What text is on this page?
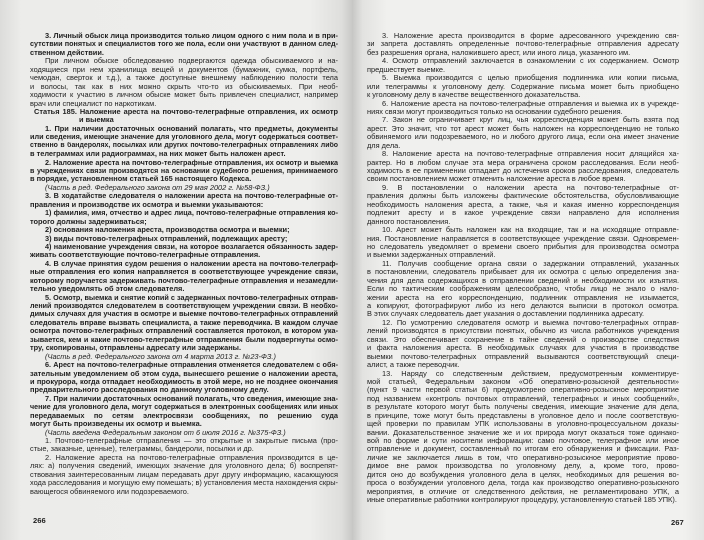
3. Личный обыск лица производится только лицом одного с ним пола и в при-
сутствии понятых и специалистов того же пола, если они участвуют в данном след-
ственном действии.
При личном обыске обследованию подвергаются одежда обыскиваемого и на-
ходящиеся при нем хранилища вещей и документов (бумажник, сумка, портфель,
чемодан, сверток и т.д.), а также доступные внешнему наблюдению полости тела
и волосы, так как в них можно скрыть что-то из обыскиваемых. При необ-
ходимости к участию в личном обыске может быть привлечен специалист, например
врач или специалист по наркотикам.
Статья 185. Наложение ареста на почтово-телеграфные отправления, их осмотр
и выемка
1. При наличии достаточных оснований полагать, что предметы, документы
или сведения, имеющие значение для уголовного дела, могут содержаться соответ-
ственно в бандеролях, посылках или других почтово-телеграфных отправлениях либо
в телеграммах или радиограммах, на них может быть наложен арест.
2. Наложение ареста на почтово-телеграфные отправления, их осмотр и выемка
в учреждениях связи производятся на основании судебного решения, принимаемого
в порядке, установленном статьей 165 настоящего Кодекса.
(Часть в ред. Федерального закона от 29 мая 2002 г. №58-ФЗ.)
3. В ходатайстве следователя о наложении ареста на почтово-телеграфные от-
правления и производстве их осмотра и выемки указываются:
1) фамилия, имя, отчество и адрес лица, почтово-телеграфные отправления ко-
торого должны задерживаться;
2) основания наложения ареста, производства осмотра и выемки;
3) виды почтово-телеграфных отправлений, подлежащих аресту;
4) наименование учреждения связи, на которое возлагается обязанность задер-
живать соответствующие почтово-телеграфные отправления.
4. В случае принятия судом решения о наложении ареста на почтово-телеграф-
ные отправления его копия направляется в соответствующее учреждение связи,
которому поручается задерживать почтово-телеграфные отправления и незамедли-
тельно уведомлять об этом следователя.
5. Осмотр, выемка и снятие копий с задержанных почтово-телеграфных отправ-
лений производятся следователем в соответствующем учреждении связи. В необхо-
димых случаях для участия в осмотре и выемке почтово-телеграфных отправлений
следователь вправе вызвать специалиста, а также переводчика. В каждом случае
осмотра почтово-телеграфных отправлений составляется протокол, в котором ука-
зывается, кем и какие почтово-телеграфные отправления были подвергнуты осмо-
тру, скопированы, отправлены адресату или задержаны.
(Часть в ред. Федерального закона от 4 марта 2013 г. №23-ФЗ.)
6. Арест на почтово-телеграфные отправления отменяется следователем с обя-
зательным уведомлением об этом суда, вынесшего решение о наложении ареста,
и прокурора, когда отпадает необходимость в этой мере, но не позднее окончания
предварительного расследования по данному уголовному делу.
7. При наличии достаточных оснований полагать, что сведения, имеющие зна-
чение для уголовного дела, могут содержаться в электронных сообщениях или иных
передаваемых по сетям электросвязи сообщениях, по решению суда
могут быть произведены их осмотр и выемка.
(Часть введена Федеральным законом от 6 июля 2016 г. №375-ФЗ.)
1. Почтово-телеграфные отправления — это открытые и закрытые письма (про-
стые, заказные, ценные), телеграммы, бандероли, посылки и др.
2. Наложение ареста на почтово-телеграфные отправления производится в це-
лях: а) получения сведений, имеющих значение для уголовного дела; б) воспрепят-
ствования заинтересованным лицам передавать друг другу информацию, касающуюся
хода расследования и могущую ему помешать; в) установления места нахождения скры-
вающегося обвиняемого или подозреваемого.
266
3. Наложение ареста производится в форме адресованного учреждению свя-
зи запрета доставлять определенные почтово-телеграфные отправления адресату
без разрешения органа, наложившего арест, или иного лица, указанного им.
4. Осмотр отправлений заключается в ознакомлении с их содержанием. Осмотр
предшествует выемке.
5. Выемка производится с целью приобщения подлинника или копии письма,
или телеграммы к уголовному делу. Содержание письма может быть приобщено
к уголовному делу в качестве вещественного доказательства.
6. Наложение ареста на почтово-телеграфные отправления и выемка их в учрежде-
ниях связи могут производиться только на основании судебного решения.
7. Закон не ограничивает круг лиц, чья корреспонденция может быть взята под
арест. Это значит, что тот арест может быть наложен на корреспонденцию не только
обвиняемого или подозреваемого, но и любого другого лица, если она имеет значение
для дела.
8. Наложение ареста на почтово-телеграфные отправления носит длящийся ха-
рактер. Но в любом случае эта мера ограничена сроком расследования. Если необ-
ходимость в ее применении отпадает до истечения сроков расследования, следователь
своим постановлением может отменить наложение ареста в любое время.
9. В постановлении о наложении ареста на почтово-телеграфные от-
правления должны быть изложены фактические обстоятельства, обусловливающие
необходимость наложения ареста, а также, чья и какая именно корреспонденция
подлежит аресту и в какое учреждение связи направлено для исполнения
данного постановления.
10. Арест может быть наложен как на входящие, так и на исходящие отправле-
ния. Постановление направляется в соответствующее учреждение связи. Одновремен-
но следователь уведомляет о времени своего прибытия для производства осмотра
и выемки задержанных отправлений.
11. Получив сообщение органа связи о задержании отправлений, указанных
в постановлении, следователь прибывает для их осмотра с целью определения зна-
чения для дела содержащихся в отправлении сведений и необходимости их изъятия.
Если по тактическим соображениям целесообразно, чтобы лицо не знало о нало-
жении ареста на его корреспонденцию, подлинник отправления не изымается,
а копируют, фотографируют либо из него делаются выписки в протокол осмотра.
В этих случаях следователь дает указания о доставлении подлинника адресату.
12. По усмотрению следователя осмотр и выемка почтово-телеграфных отправ-
лений производятся в присутствии понятых, обычно из числа работников учреждения
связи. Это обеспечивает сохранение в тайне сведений о производстве следствия
и факта наложения ареста. В необходимых случаях для участия в производстве
выемки почтово-телеграфных отправлений вызываются соответствующий специ-
алист, а также переводчик.
13. Наряду со следственным действием, предусмотренным комментируе-
мой статьей, Федеральным законом «Об оперативно-розыскной деятельности»
(пункт 9 части первой статьи 6) предусмотрено оперативно-розыскное мероприятие
под названием «контроль почтовых отправлений, телеграфных и иных сообщений»,
в результате которого могут быть получены сведения, имеющие значение для дела,
в принципе, тоже могут быть представлены в уголовное дело и после соответствую-
щей проверки по правилам УПК использованы в уголовно-процессуальном доказы-
вании. Доказательственное значение же и их природа могут оказаться тоже одинако-
вой по форме и сути носители информации: само почтовое, телеграфное или иное
отправление и документ, составленный по итогам его обнаружения и фиксации. Раз-
личие же заключается лишь в том, что оперативно-розыскное мероприятие прово-
димое вне рамок производства по уголовному делу, а, кроме того, прово-
дится оно до возбуждения уголовного дела в целях, необходимых для решения во-
проса о возбуждении уголовного дела, тогда как производство оперативно-розыскного
мероприятия, в отличие от следственного действия, не регламентировано УПК, а
иные оперативные работники контролируют процедуру, установленную статьей 185 УПК).
267
